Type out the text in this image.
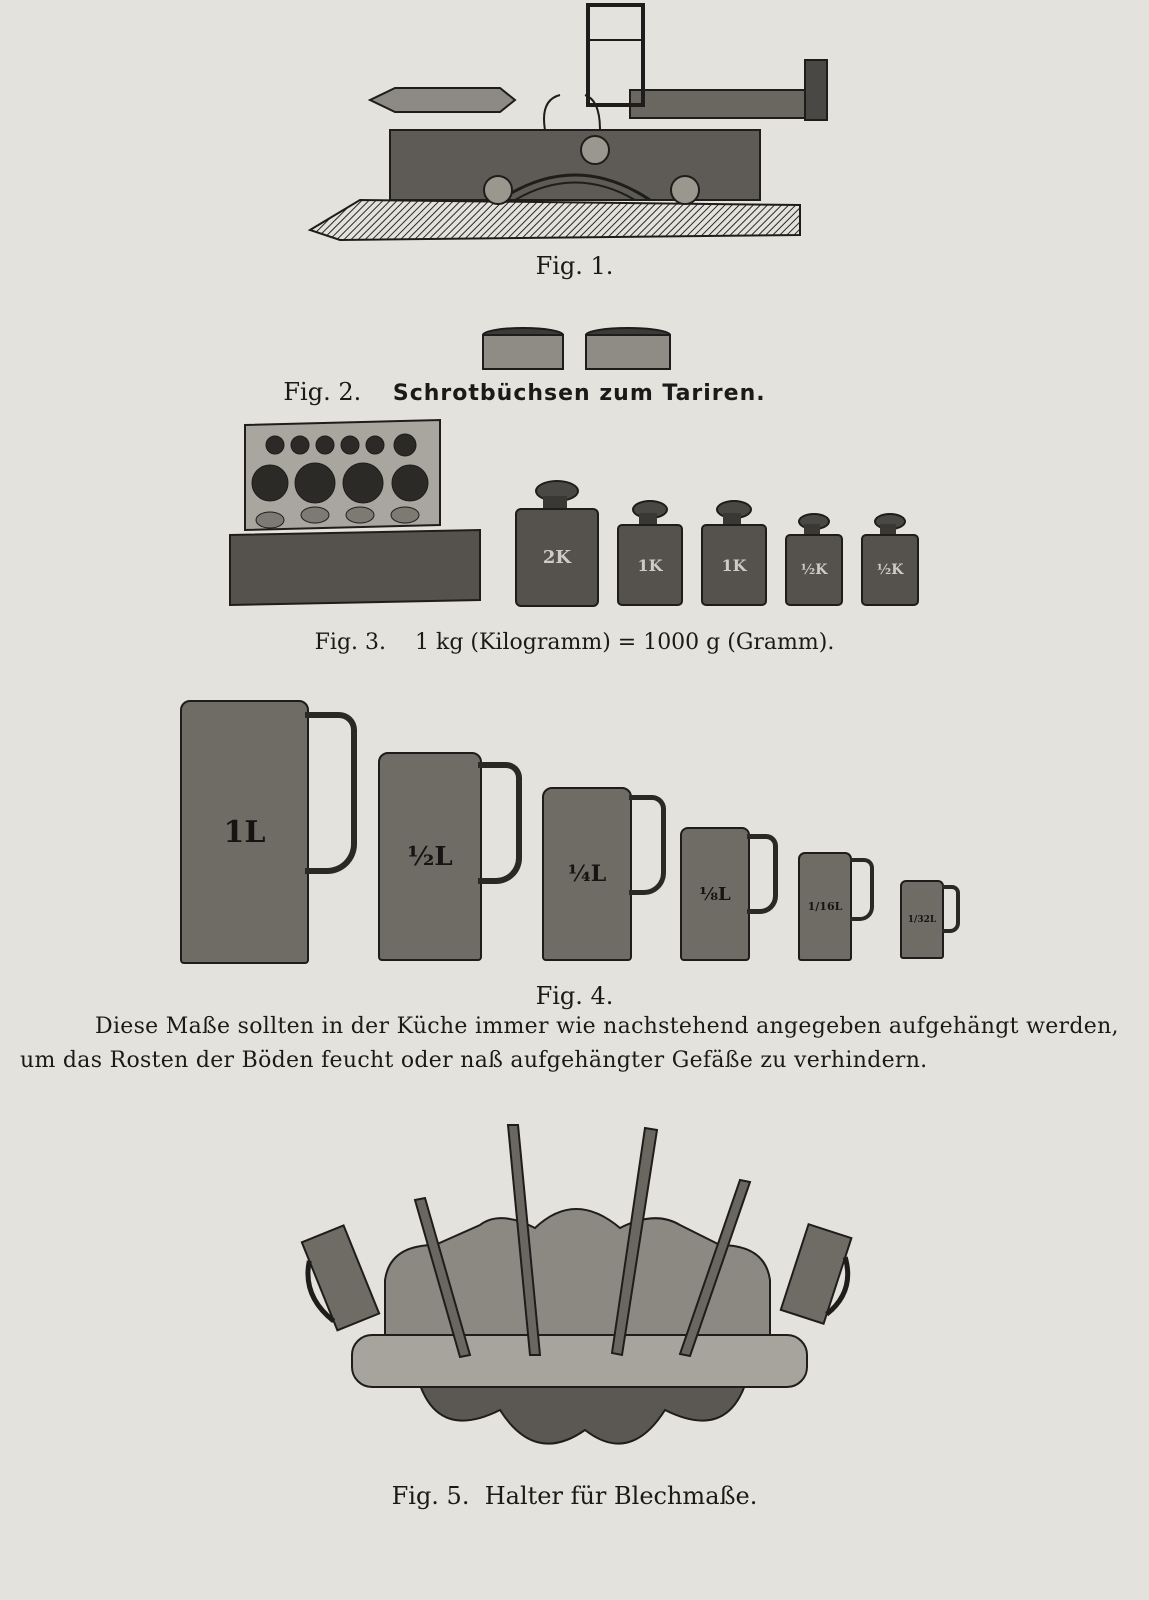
Fig. 1.
Fig. 2. Schrotbüchsen zum Tariren.
2K	1K	1K	½K	½K
Fig. 3. 1 kg (Kilogramm) = 1000 g (Gramm).
1L
½L
¼L
⅛L
1/16L
1/32L
Fig. 4.
Diese Maße sollten in der Küche immer wie nachstehend angegeben aufgehängt werden,
um das Rosten der Böden feucht oder naß aufgehängter Gefäße zu verhindern.
Fig. 5.  Halter für Blechmaße.
